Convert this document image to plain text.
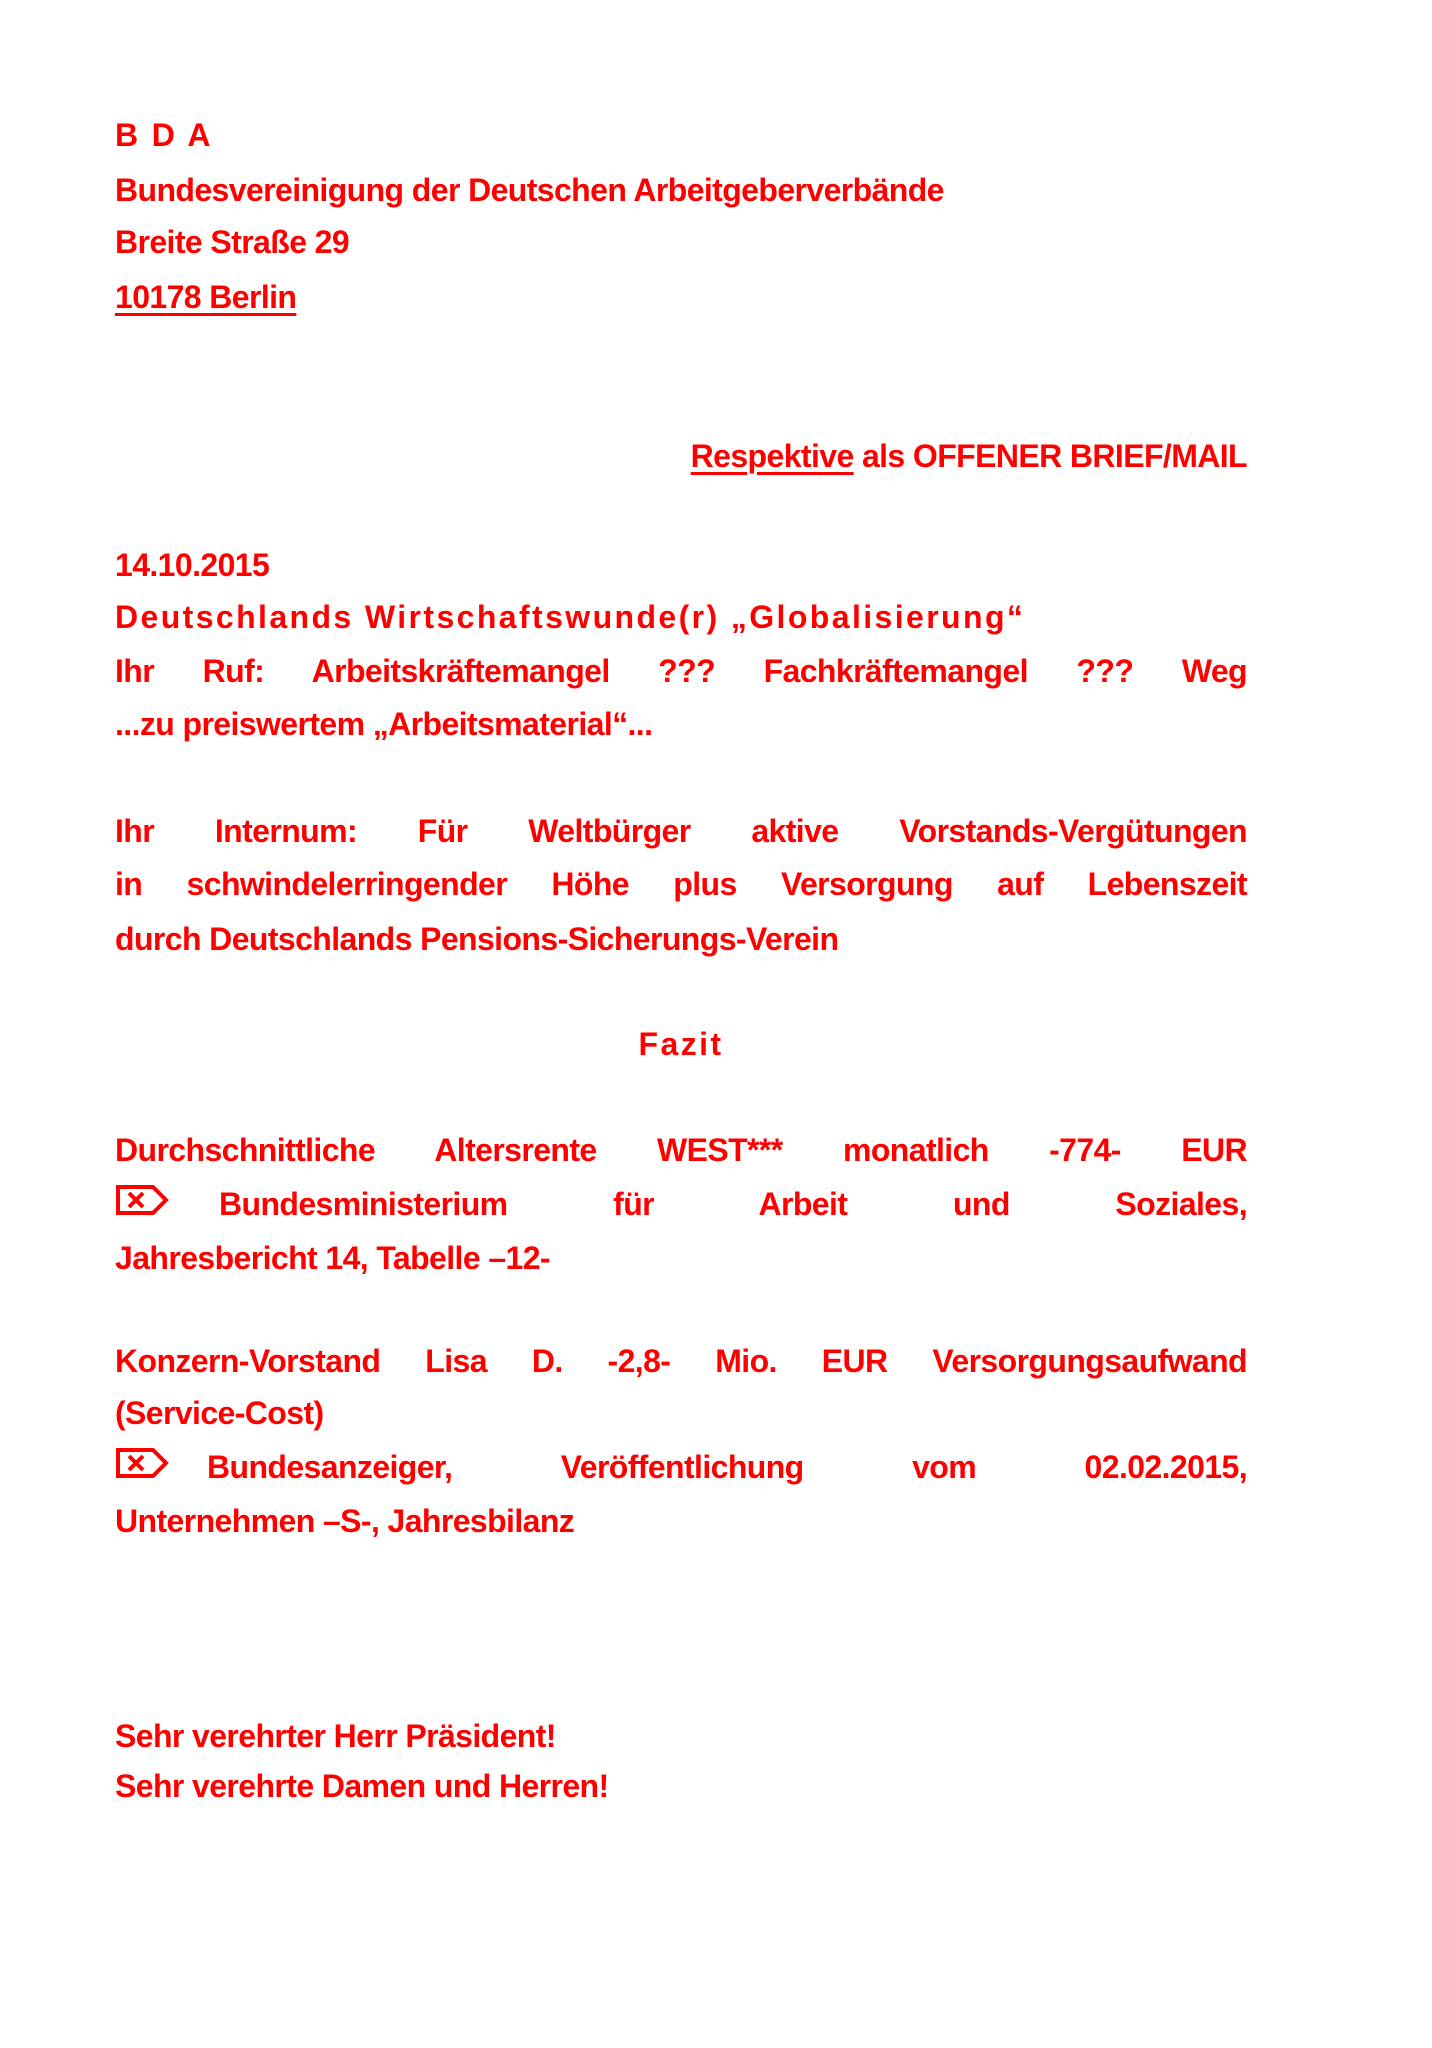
B D A
Bundesvereinigung der Deutschen Arbeitgeberverbände
Breite Straße 29
10178 Berlin
Respektive als OFFENER BRIEF/MAIL
14.10.2015
Deutschlands Wirtschaftswunde(r) „Globalisierung“
Ihr Ruf: Arbeitskräftemangel ??? Fachkräftemangel ??? Weg
...zu preiswertem „Arbeitsmaterial“...
Ihr Internum: Für Weltbürger aktive Vorstands-Vergütungen
in schwindelerringender Höhe plus Versorgung auf Lebenszeit
durch Deutschlands Pensions-Sicherungs-Verein
Fazit
Durchschnittliche Altersrente WEST*** monatlich -774- EUR
Bundesministerium für Arbeit und Soziales,
Jahresbericht 14, Tabelle –12-
Konzern-Vorstand Lisa D. -2,8- Mio. EUR Versorgungsaufwand
(Service-Cost)
Bundesanzeiger, Veröffentlichung vom 02.02.2015,
Unternehmen –S-, Jahresbilanz
Sehr verehrter Herr Präsident!
Sehr verehrte Damen und Herren!
